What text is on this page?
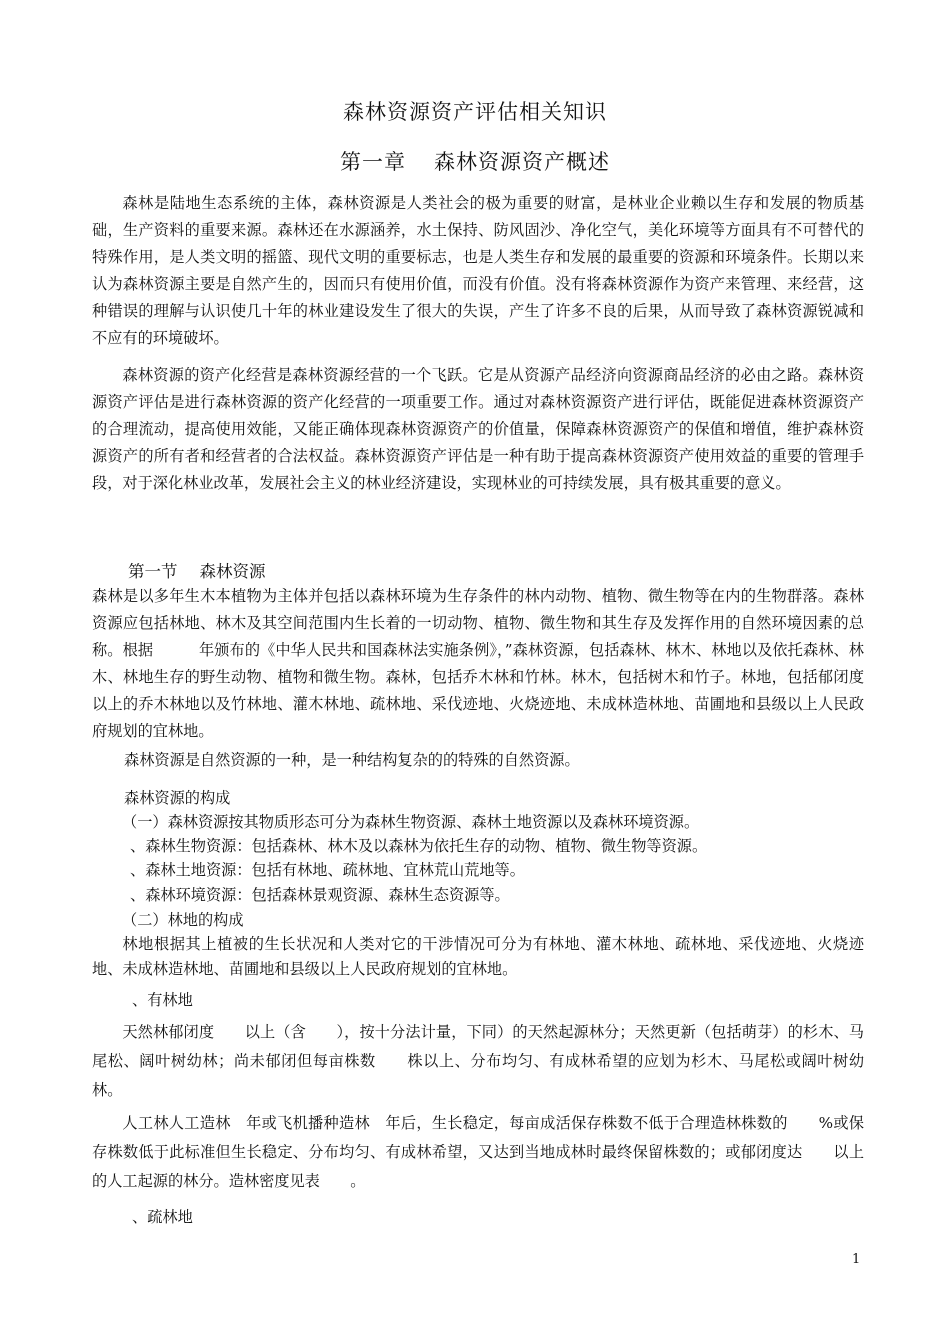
森林资源资产评估相关知识
第一章 森林资源资产概述

森林是陆地生态系统的主体，森林资源是人类社会的极为重要的财富，是林业企业赖以生存和发展的物质基础，生产资料的重要来源。森林还在水源涵养，水土保持、防风固沙、净化空气，美化环境等方面具有不可替代的特殊作用，是人类文明的摇篮、现代文明的重要标志，也是人类生存和发展的最重要的资源和环境条件。长期以来认为森林资源主要是自然产生的，因而只有使用价值，而没有价值。没有将森林资源作为资产来管理、来经营，这种错误的理解与认识使几十年的林业建设发生了很大的失误，产生了许多不良的后果，从而导致了森林资源锐减和不应有的环境破坏。

森林资源的资产化经营是森林资源经营的一个飞跃。它是从资源产品经济向资源商品经济的必由之路。森林资源资产评估是进行森林资源的资产化经营的一项重要工作。通过对森林资源资产进行评估，既能促进森林资源资产的合理流动，提高使用效能，又能正确体现森林资源资产的价值量，保障森林资源资产的保值和增值，维护森林资源资产的所有者和经营者的合法权益。森林资源资产评估是一种有助于提高森林资源资产使用效益的重要的管理手段，对于深化林业改革，发展社会主义的林业经济建设，实现林业的可持续发展，具有极其重要的意义。

第一节 森林资源

森林是以多年生木本植物为主体并包括以森林环境为生存条件的林内动物、植物、微生物等在内的生物群落。森林资源应包括林地、林木及其空间范围内生长着的一切动物、植物、微生物和其生存及发挥作用的自然环境因素的总称。根据　　　年颁布的《中华人民共和国森林法实施条例》，”森林资源，包括森林、林木、林地以及依托森林、林木、林地生存的野生动物、植物和微生物。森林，包括乔木林和竹林。林木，包括树木和竹子。林地，包括郁闭度　　以上的乔木林地以及竹林地、灌木林地、疏林地、采伐迹地、火烧迹地、未成林造林地、苗圃地和县级以上人民政府规划的宜林地。

森林资源是自然资源的一种，是一种结构复杂的的特殊的自然资源。
森林资源的构成
（一）森林资源按其物质形态可分为森林生物资源、森林土地资源以及森林环境资源。
、森林生物资源：包括森林、林木及以森林为依托生存的动物、植物、微生物等资源。
、森林土地资源：包括有林地、疏林地、宜林荒山荒地等。
、森林环境资源：包括森林景观资源、森林生态资源等。
（二）林地的构成

林地根据其上植被的生长状况和人类对它的干涉情况可分为有林地、灌木林地、疏林地、采伐迹地、火烧迹地、未成林造林地、苗圃地和县级以上人民政府规划的宜林地。

、有林地

天然林郁闭度　　以上（含　　），按十分法计量，下同）的天然起源林分；天然更新（包括萌芽）的杉木、马尾松、阔叶树幼林；尚未郁闭但每亩株数　　株以上、分布均匀、有成林希望的应划为杉木、马尾松或阔叶树幼林。

人工林人工造林　年或飞机播种造林　年后，生长稳定，每亩成活保存株数不低于合理造林株数的　　%或保存株数低于此标准但生长稳定、分布均匀、有成林希望，又达到当地成林时最终保留株数的；或郁闭度达　　以上的人工起源的林分。造林密度见表　　。

、疏林地
1
